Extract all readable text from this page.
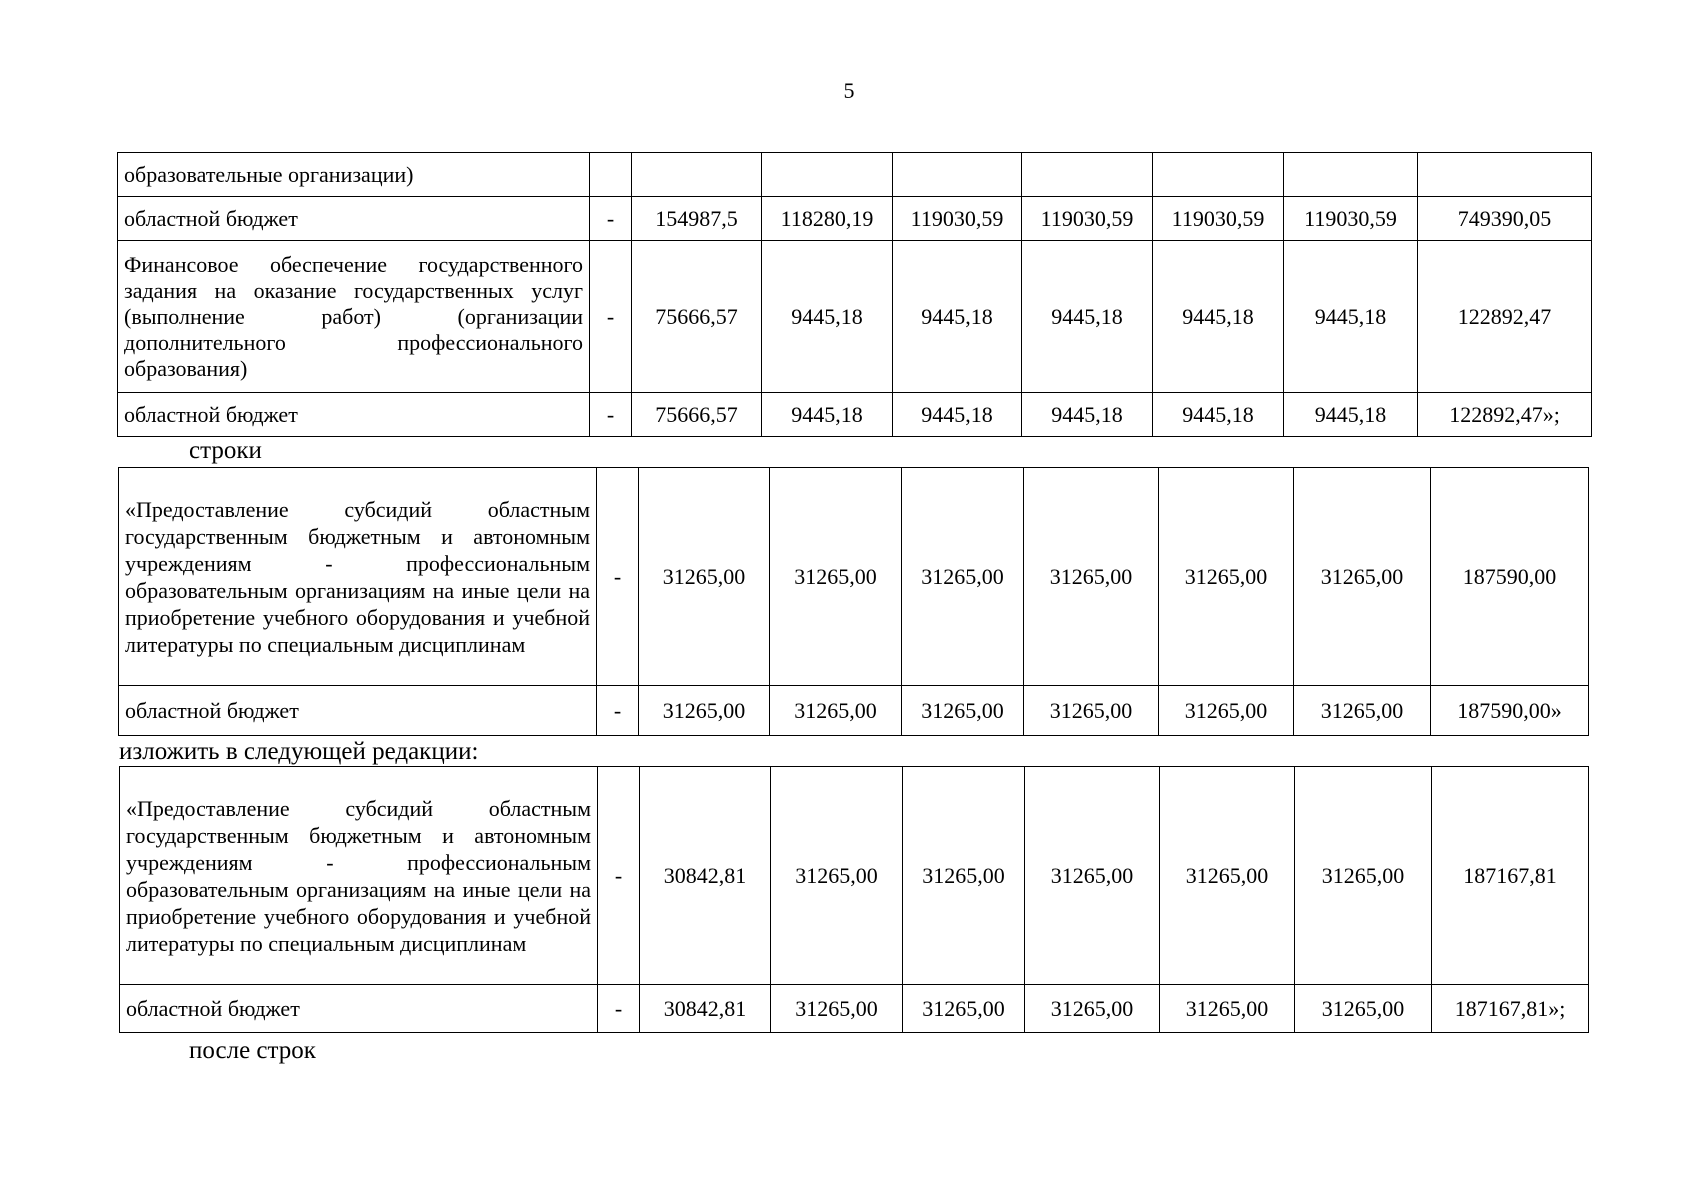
5
образовательные организации)								
областной бюджет	-	154987,5	118280,19	119030,59	119030,59	119030,59	119030,59	749390,05
Финансовое обеспечение государственного задания на оказание государственных услуг (выполнение работ) (организации дополнительного профессионального образования)	-	75666,57	9445,18	9445,18	9445,18	9445,18	9445,18	122892,47
областной бюджет	-	75666,57	9445,18	9445,18	9445,18	9445,18	9445,18	122892,47»;
строки
«Предоставление субсидий областным государственным бюджетным и автономным учреждениям - профессиональным образовательным организациям на иные цели на приобретение учебного оборудования и учебной литературы по специальным дисциплинам	-	31265,00	31265,00	31265,00	31265,00	31265,00	31265,00	187590,00
областной бюджет	-	31265,00	31265,00	31265,00	31265,00	31265,00	31265,00	187590,00»
изложить в следующей редакции:
«Предоставление субсидий областным государственным бюджетным и автономным учреждениям - профессиональным образовательным организациям на иные цели на приобретение учебного оборудования и учебной литературы по специальным дисциплинам	-	30842,81	31265,00	31265,00	31265,00	31265,00	31265,00	187167,81
областной бюджет	-	30842,81	31265,00	31265,00	31265,00	31265,00	31265,00	187167,81»;
после строк
